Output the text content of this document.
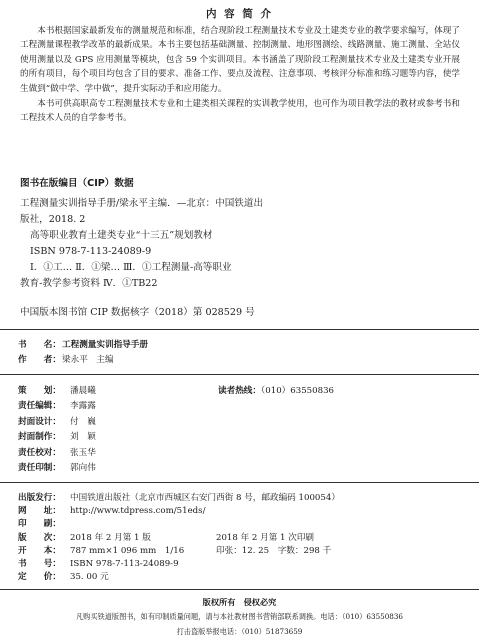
内 容 简 介

本书根据国家最新发布的测量规范和标准，结合现阶段工程测量技术专业及土建类专业的教学要求编写，体现了工程测量课程教学改革的最新成果。本书主要包括基础测量、控制测量、地形图测绘、线路测量、施工测量、全站仪使用测量以及 GPS 应用测量等模块，包含 59 个实训项目。本书涵盖了现阶段工程测量技术专业及土建类专业开展的所有项目，每个项目均包含了目的要求、准备工作、要点及流程、注意事项、考核评分标准和练习题等内容，使学生做到“做中学、学中做”，提升实际动手和应用能力。

本书可供高职高专工程测量技术专业和土建类相关课程的实训教学使用，也可作为项目教学法的教材或参考书和工程技术人员的自学参考书。

图书在版编目（CIP）数据
工程测量实训指导手册/梁永平主编．—北京：中国铁道出
版社，2018. 2
高等职业教育土建类专业“十三五”规划教材
ISBN 978-7-113-24089-9
Ⅰ．①工… Ⅱ．①梁… Ⅲ．①工程测量-高等职业
教育-教学参考资料 Ⅳ．①TB22
中国版本图书馆 CIP 数据核字（2018）第 028529 号
书　　名：工程测量实训指导手册
作　　者：梁永平　主编
策　　划： 潘晨曦
责任编辑： 李露露
封面设计： 付　巍
封面制作： 刘　颖
责任校对： 张玉华
责任印制： 郭向伟
读者热线：（010）63550836
出版发行： 中国铁道出版社（北京市西城区右安门西街 8 号，邮政编码 100054）
网　　址： http://www.tdpress.com/51eds/
印　　刷：
版　　次： 2018 年 2 月第 1 版	2018 年 2 月第 1 次印刷
开　　本： 787 mm×1 096 mm　1/16	印张：12. 25　字数：298 千
书　　号： ISBN 978-7-113-24089-9
定　　价： 35. 00 元
版权所有　侵权必究
凡购买铁道版图书，如有印制质量问题，请与本社教材图书营销部联系调换。电话：（010）63550836
打击盗版举报电话：（010）51873659
